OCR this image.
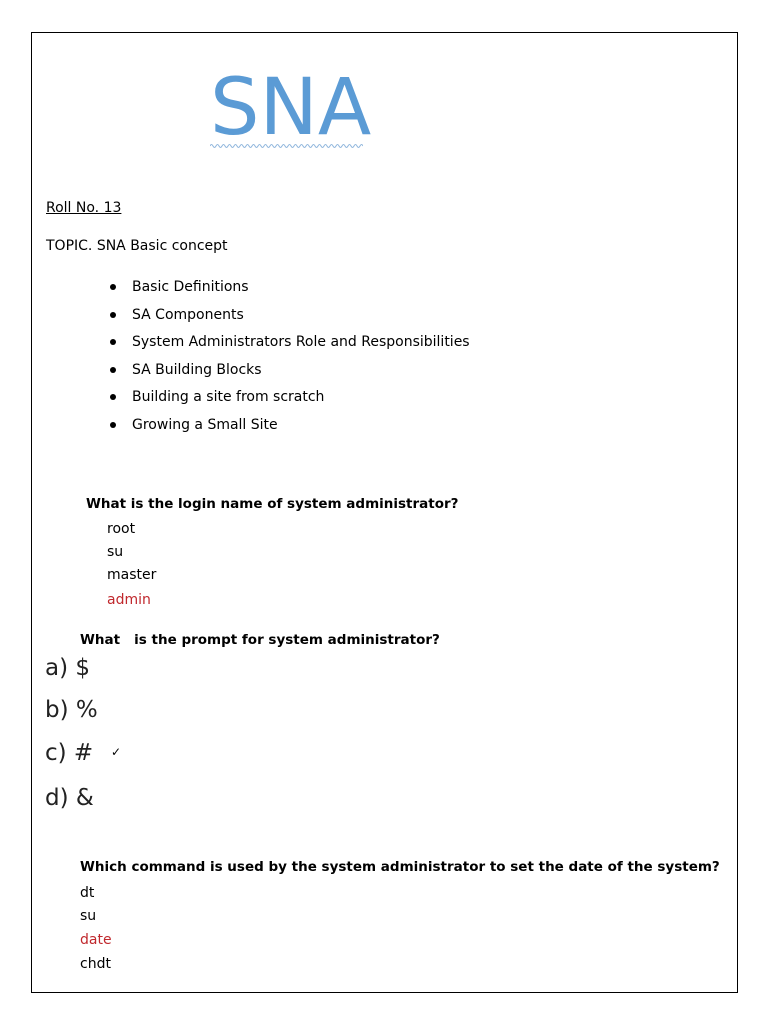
SNA
Roll No. 13
TOPIC. SNA Basic concept
Basic Definitions
SA Components
System Administrators Role and Responsibilities
SA Building Blocks
Building a site from scratch
Growing a Small Site
What is the login name of system administrator?
root
su
master
admin
What   is the prompt for system administrator?
a) $
b) %
c) # ✓
d) &
Which command is used by the system administrator to set the date of the system?
dt
su
date
chdt
